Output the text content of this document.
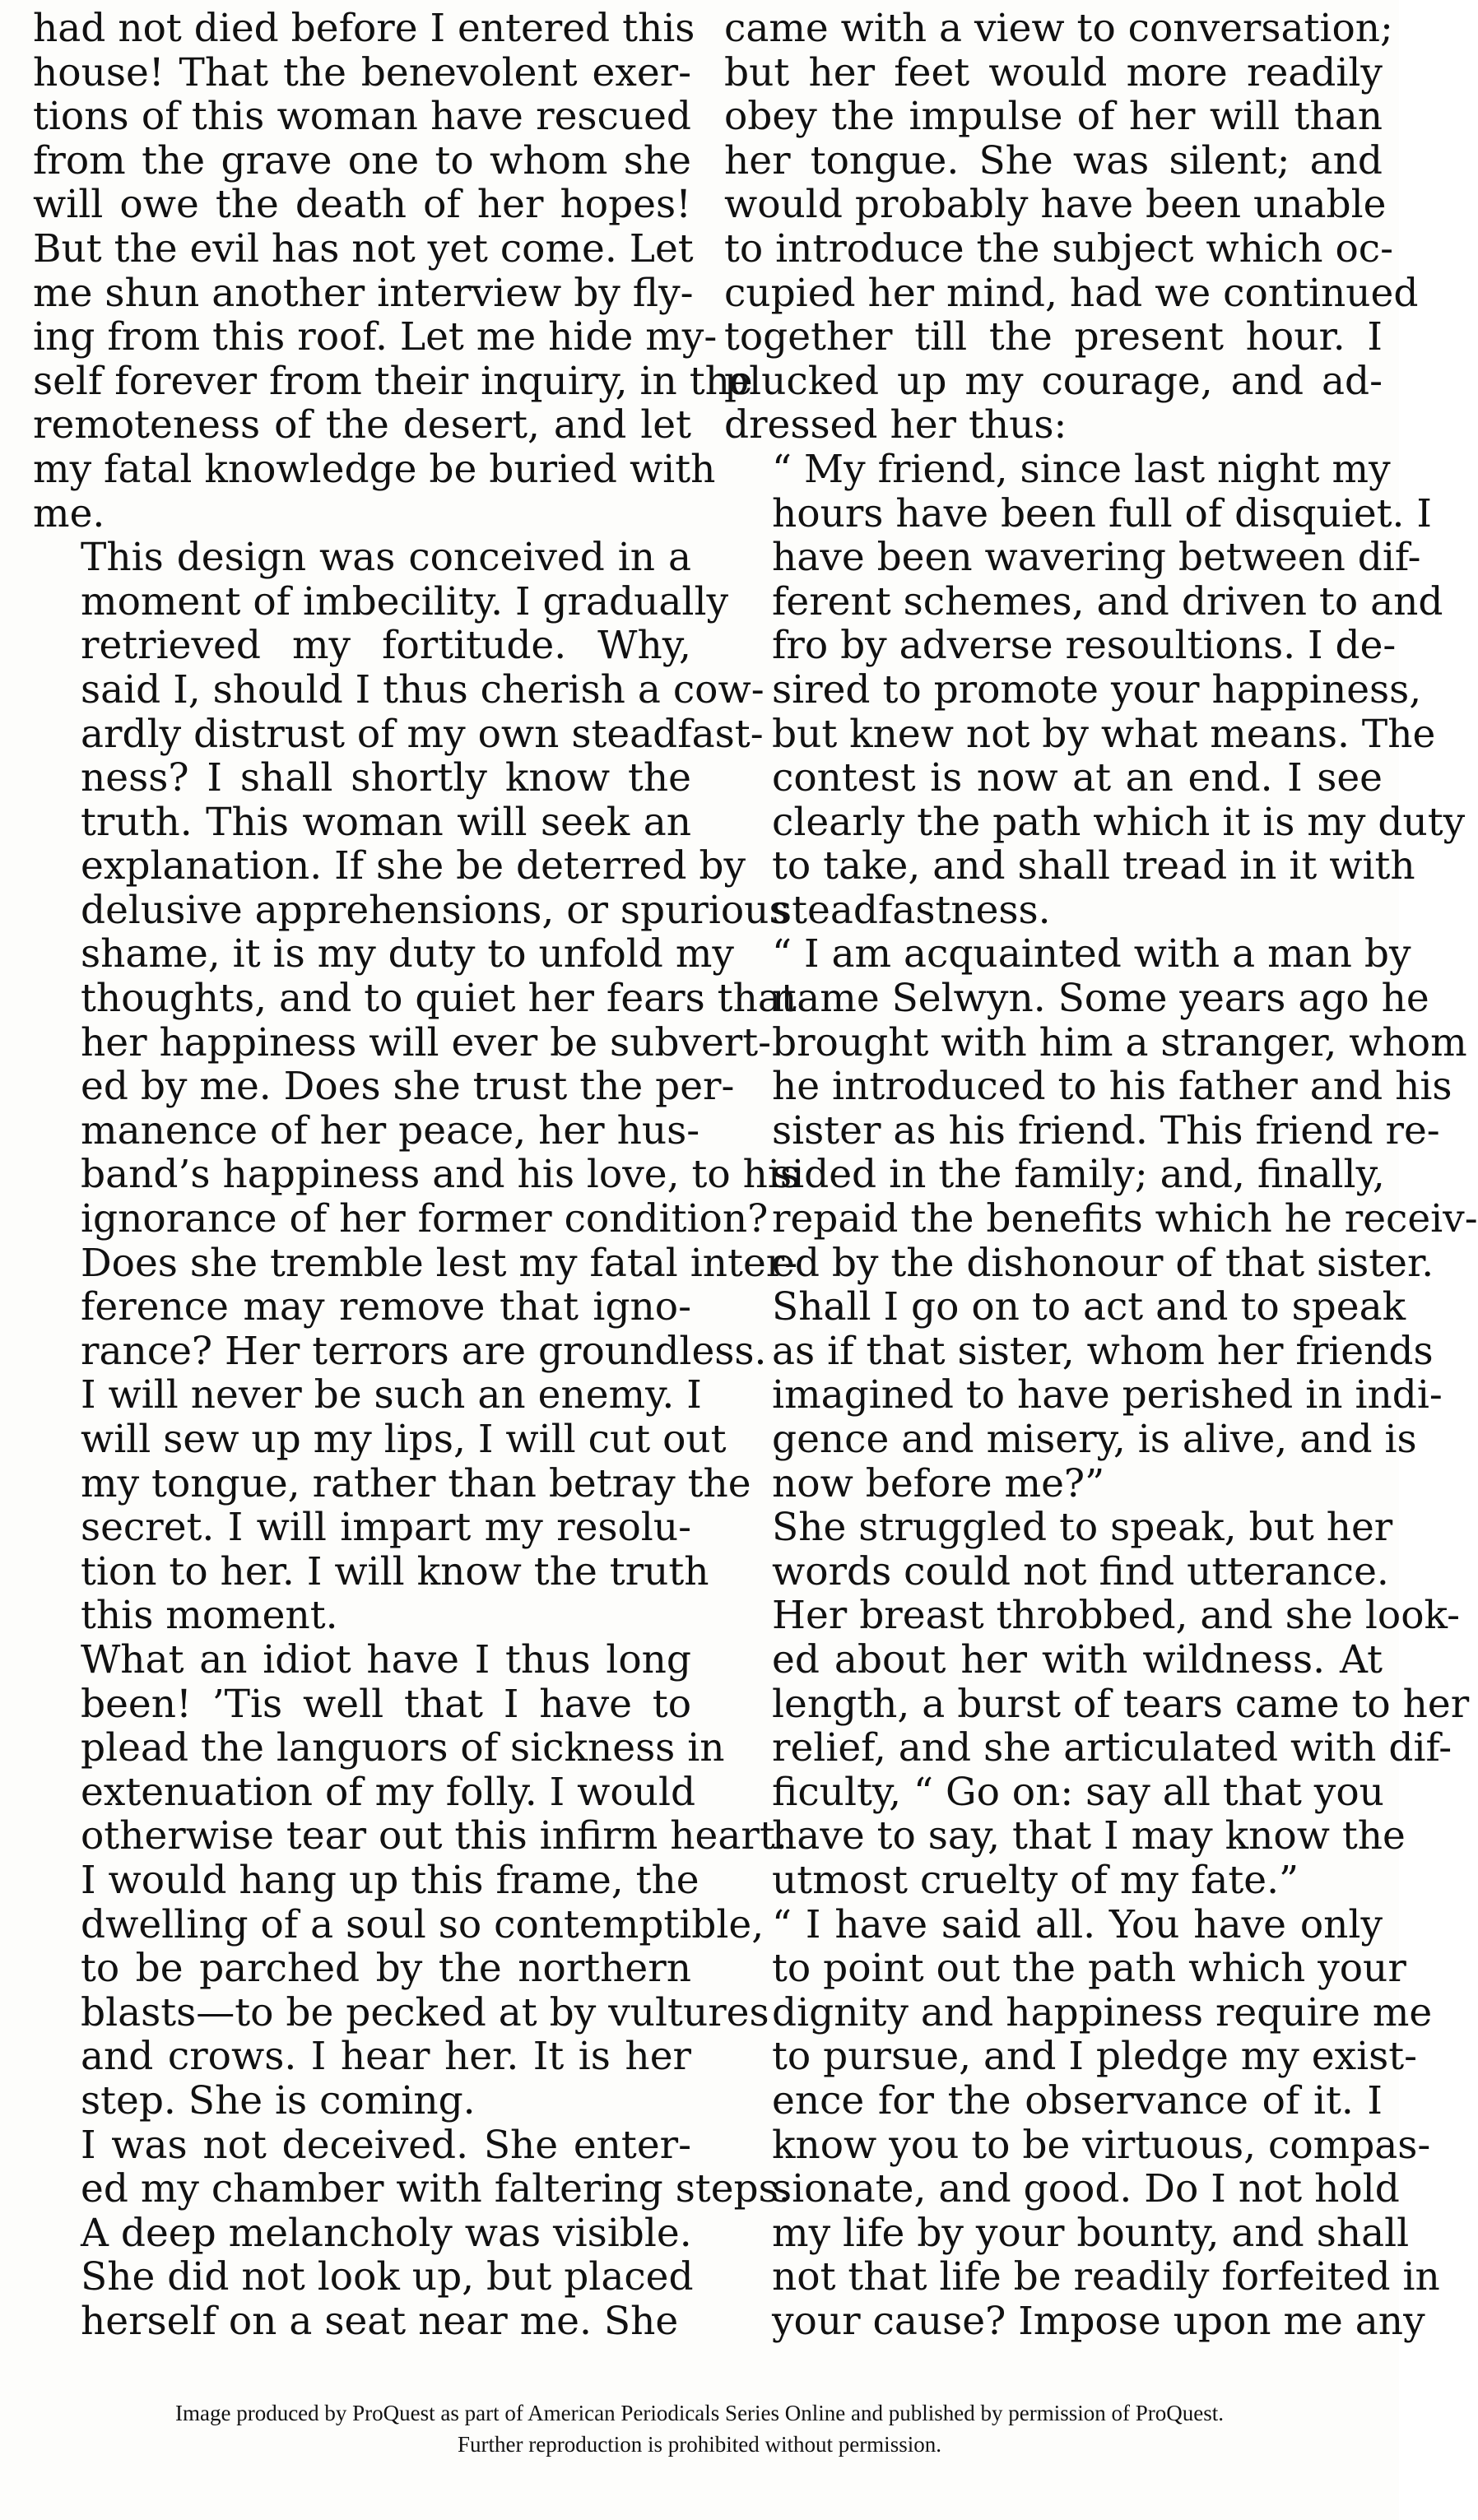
had not died before I entered this
house! That the benevolent exer-
tions of this woman have rescued
from the grave one to whom she
will owe the death of her hopes!
But the evil has not yet come. Let
me shun another interview by fly-
ing from this roof. Let me hide my-
self forever from their inquiry, in the
remoteness of the desert, and let
my fatal knowledge be buried with
me.

This design was conceived in a
moment of imbecility. I gradually
retrieved my fortitude. Why,
said I, should I thus cherish a cow-
ardly distrust of my own steadfast-
ness? I shall shortly know the
truth. This woman will seek an
explanation. If she be deterred by
delusive apprehensions, or spurious
shame, it is my duty to unfold my
thoughts, and to quiet her fears that
her happiness will ever be subvert-
ed by me. Does she trust the per-
manence of her peace, her hus-
band’s happiness and his love, to his
ignorance of her former condition?
Does she tremble lest my fatal inter-
ference may remove that igno-
rance? Her terrors are groundless.
I will never be such an enemy. I
will sew up my lips, I will cut out
my tongue, rather than betray the
secret. I will impart my resolu-
tion to her. I will know the truth
this moment.

What an idiot have I thus long
been! ’Tis well that I have to
plead the languors of sickness in
extenuation of my folly. I would
otherwise tear out this infirm heart.
I would hang up this frame, the
dwelling of a soul so contemptible,
to be parched by the northern
blasts—to be pecked at by vultures
and crows. I hear her. It is her
step. She is coming.

I was not deceived. She enter-
ed my chamber with faltering steps.
A deep melancholy was visible.
She did not look up, but placed
herself on a seat near me. She

came with a view to conversation;
but her feet would more readily
obey the impulse of her will than
her tongue. She was silent; and
would probably have been unable
to introduce the subject which oc-
cupied her mind, had we continued
together till the present hour. I
plucked up my courage, and ad-
dressed her thus:

“ My friend, since last night my
hours have been full of disquiet. I
have been wavering between dif-
ferent schemes, and driven to and
fro by adverse resoultions. I de-
sired to promote your happiness,
but knew not by what means. The
contest is now at an end. I see
clearly the path which it is my duty
to take, and shall tread in it with
steadfastness.

“ I am acquainted with a man by
name Selwyn. Some years ago he
brought with him a stranger, whom
he introduced to his father and his
sister as his friend. This friend re-
sided in the family; and, finally,
repaid the benefits which he receiv-
ed by the dishonour of that sister.
Shall I go on to act and to speak
as if that sister, whom her friends
imagined to have perished in indi-
gence and misery, is alive, and is
now before me?”

She struggled to speak, but her
words could not find utterance.
Her breast throbbed, and she look-
ed about her with wildness. At
length, a burst of tears came to her
relief, and she articulated with dif-
ficulty, “ Go on: say all that you
have to say, that I may know the
utmost cruelty of my fate.”

“ I have said all. You have only
to point out the path which your
dignity and happiness require me
to pursue, and I pledge my exist-
ence for the observance of it. I
know you to be virtuous, compas-
sionate, and good. Do I not hold
my life by your bounty, and shall
not that life be readily forfeited in
your cause? Impose upon me any

Image produced by ProQuest as part of American Periodicals Series Online and published by permission of ProQuest.
Further reproduction is prohibited without permission.
